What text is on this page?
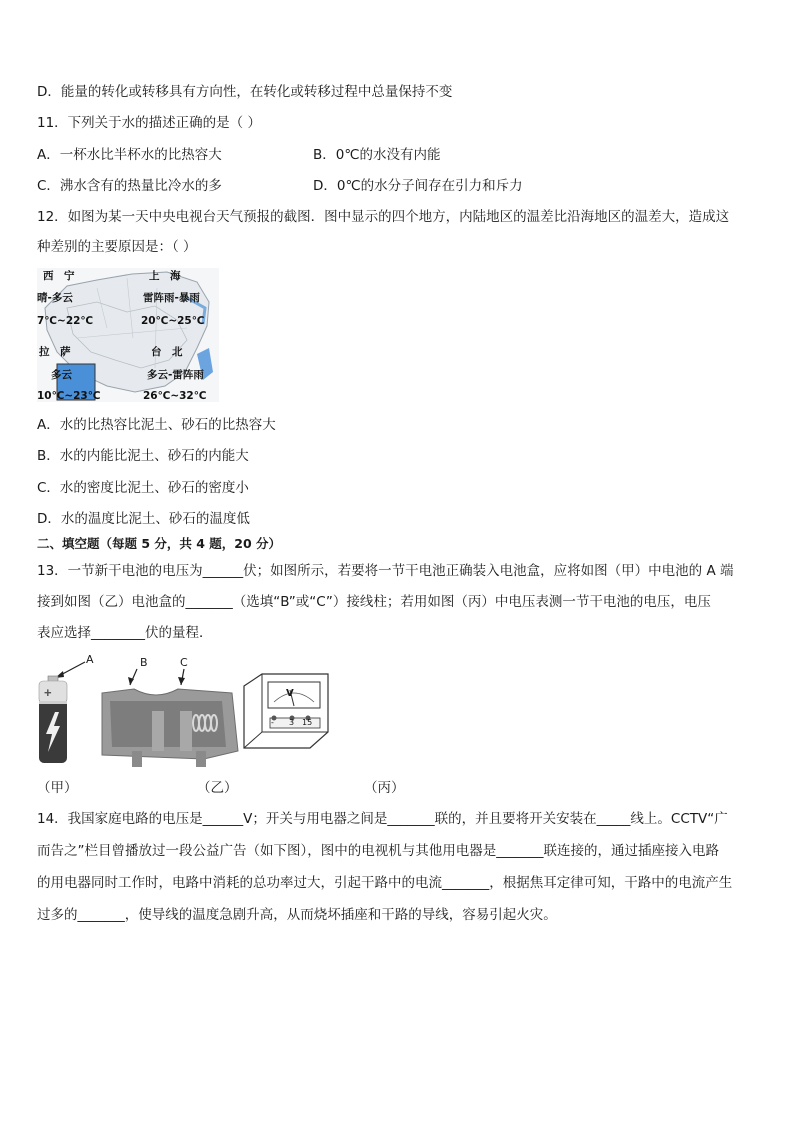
D．能量的转化或转移具有方向性，在转化或转移过程中总量保持不变
11．下列关于水的描述正确的是（ ）
A．一杯水比半杯水的比热容大	B．0℃的水没有内能
C．沸水含有的热量比冷水的多	D．0℃的水分子间存在引力和斥力
12．如图为某一天中央电视台天气预报的截图．图中显示的四个地方，内陆地区的温差比沿海地区的温差大，造成这
种差别的主要原因是：（ ）
西　宁
晴-多云
7℃~22℃
上　海
雷阵雨-暴雨
20℃~25℃
拉　萨
多云
10℃~23℃
台　北
多云-雷阵雨
26℃~32℃
A．水的比热容比泥土、砂石的比热容大
B．水的内能比泥土、砂石的内能大
C．水的密度比泥土、砂石的密度小
D．水的温度比泥土、砂石的温度低
二、填空题（每题 5 分，共 4 题，20 分）
13．一节新干电池的电压为______伏；如图所示，若要将一节干电池正确装入电池盒，应将如图（甲）中电池的 A 端
接到如图（乙）电池盒的_______（选填“B”或“C”）接线柱；若用如图（丙）中电压表测一节干电池的电压，电压
表应选择________伏的量程．
+
A	B	C
V
- 3 15
（甲）	（乙）	（丙）
14．我国家庭电路的电压是______V；开关与用电器之间是_______联的，并且要将开关安装在_____线上。CCTV“广
而告之”栏目曾播放过一段公益广告（如下图），图中的电视机与其他用电器是_______联连接的，通过插座接入电路
的用电器同时工作时，电路中消耗的总功率过大，引起干路中的电流_______，根据焦耳定律可知，干路中的电流产生
过多的_______，使导线的温度急剧升高，从而烧坏插座和干路的导线，容易引起火灾。
